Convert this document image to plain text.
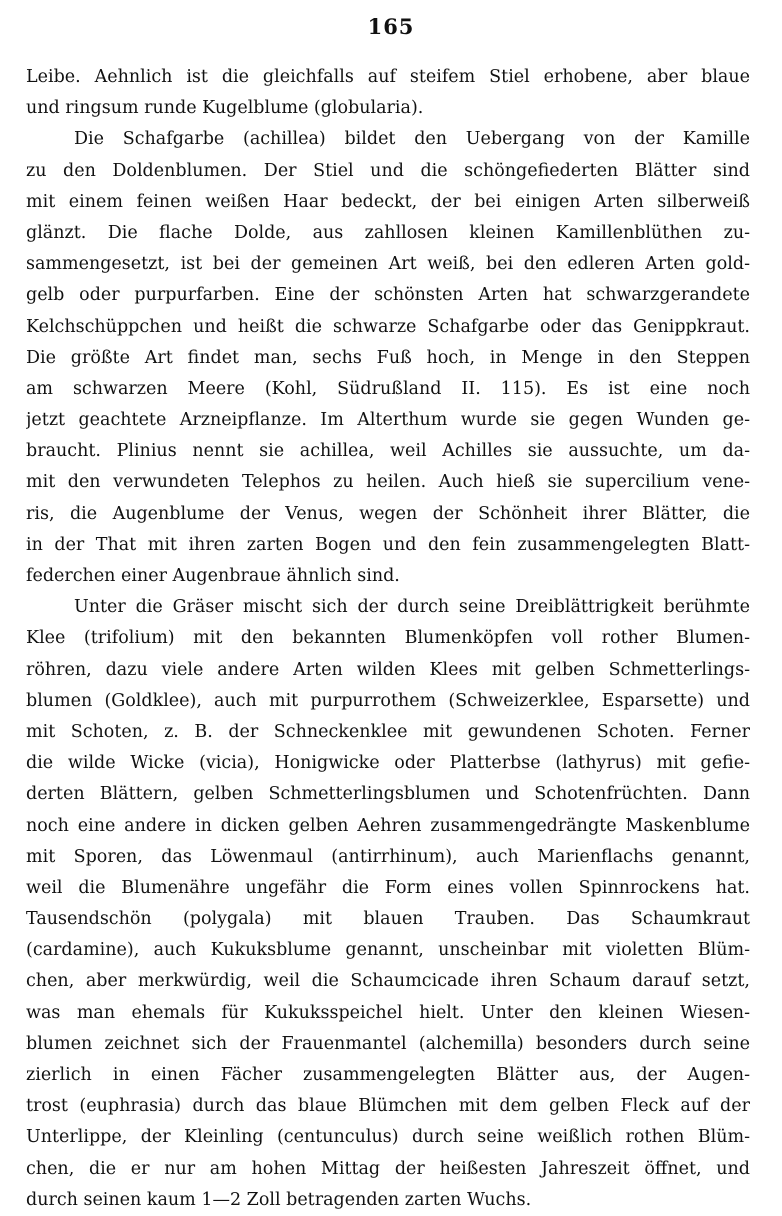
165
Leibe. Aehnlich ist die gleichfalls auf steifem Stiel erhobene, aber blaue
und ringsum runde Kugelblume (globularia).
Die Schafgarbe (achillea) bildet den Uebergang von der Kamille
zu den Doldenblumen. Der Stiel und die schöngefiederten Blätter sind
mit einem feinen weißen Haar bedeckt, der bei einigen Arten silberweiß
glänzt. Die flache Dolde, aus zahllosen kleinen Kamillenblüthen zu-
sammengesetzt, ist bei der gemeinen Art weiß, bei den edleren Arten gold-
gelb oder purpurfarben. Eine der schönsten Arten hat schwarzgerandete
Kelchschüppchen und heißt die schwarze Schafgarbe oder das Genippkraut.
Die größte Art findet man, sechs Fuß hoch, in Menge in den Steppen
am schwarzen Meere (Kohl, Südrußland II. 115). Es ist eine noch
jetzt geachtete Arzneipflanze. Im Alterthum wurde sie gegen Wunden ge-
braucht. Plinius nennt sie achillea, weil Achilles sie aussuchte, um da-
mit den verwundeten Telephos zu heilen. Auch hieß sie supercilium vene-
ris, die Augenblume der Venus, wegen der Schönheit ihrer Blätter, die
in der That mit ihren zarten Bogen und den fein zusammengelegten Blatt-
federchen einer Augenbraue ähnlich sind.
Unter die Gräser mischt sich der durch seine Dreiblättrigkeit berühmte
Klee (trifolium) mit den bekannten Blumenköpfen voll rother Blumen-
röhren, dazu viele andere Arten wilden Klees mit gelben Schmetterlings-
blumen (Goldklee), auch mit purpurrothem (Schweizerklee, Esparsette) und
mit Schoten, z. B. der Schneckenklee mit gewundenen Schoten. Ferner
die wilde Wicke (vicia), Honigwicke oder Platterbse (lathyrus) mit gefie-
derten Blättern, gelben Schmetterlingsblumen und Schotenfrüchten. Dann
noch eine andere in dicken gelben Aehren zusammengedrängte Maskenblume
mit Sporen, das Löwenmaul (antirrhinum), auch Marienflachs genannt,
weil die Blumenähre ungefähr die Form eines vollen Spinnrockens hat.
Tausendschön (polygala) mit blauen Trauben. Das Schaumkraut
(cardamine), auch Kukuksblume genannt, unscheinbar mit violetten Blüm-
chen, aber merkwürdig, weil die Schaumcicade ihren Schaum darauf setzt,
was man ehemals für Kukuksspeichel hielt. Unter den kleinen Wiesen-
blumen zeichnet sich der Frauenmantel (alchemilla) besonders durch seine
zierlich in einen Fächer zusammengelegten Blätter aus, der Augen-
trost (euphrasia) durch das blaue Blümchen mit dem gelben Fleck auf der
Unterlippe, der Kleinling (centunculus) durch seine weißlich rothen Blüm-
chen, die er nur am hohen Mittag der heißesten Jahreszeit öffnet, und
durch seinen kaum 1—2 Zoll betragenden zarten Wuchs.
